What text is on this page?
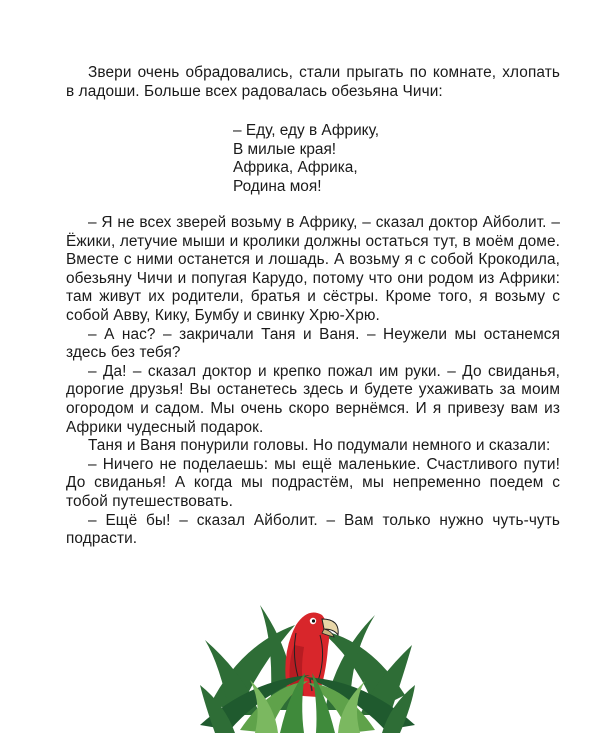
Звери очень обрадовались, стали прыгать по комнате, хлопать в ладоши. Больше всех радовалась обезьяна Чичи:

– Еду, еду в Африку,
В милые края!
Африка, Африка,
Родина моя!

– Я не всех зверей возьму в Африку, – сказал доктор Айболит. – Ёжики, летучие мыши и кролики должны остаться тут, в моём доме. Вместе с ними останется и лошадь. А возьму я с собой Крокодила, обезьяну Чичи и попугая Карудо, потому что они родом из Африки: там живут их родители, братья и сёстры. Кроме того, я возьму с собой Авву, Кику, Бумбу и свинку Хрю-Хрю.

– А нас? – закричали Таня и Ваня. – Неужели мы останемся здесь без тебя?

– Да! – сказал доктор и крепко пожал им руки. – До свиданья, дорогие друзья! Вы останетесь здесь и будете ухаживать за моим огородом и садом. Мы очень скоро вернёмся. И я привезу вам из Африки чудесный подарок.

Таня и Ваня понурили головы. Но подумали немного и сказали:

– Ничего не поделаешь: мы ещё маленькие. Счастливого пути! До свиданья! А когда мы подрастём, мы непременно поедем с тобой путешествовать.

– Ещё бы! – сказал Айболит. – Вам только нужно чуть-чуть подрасти.
